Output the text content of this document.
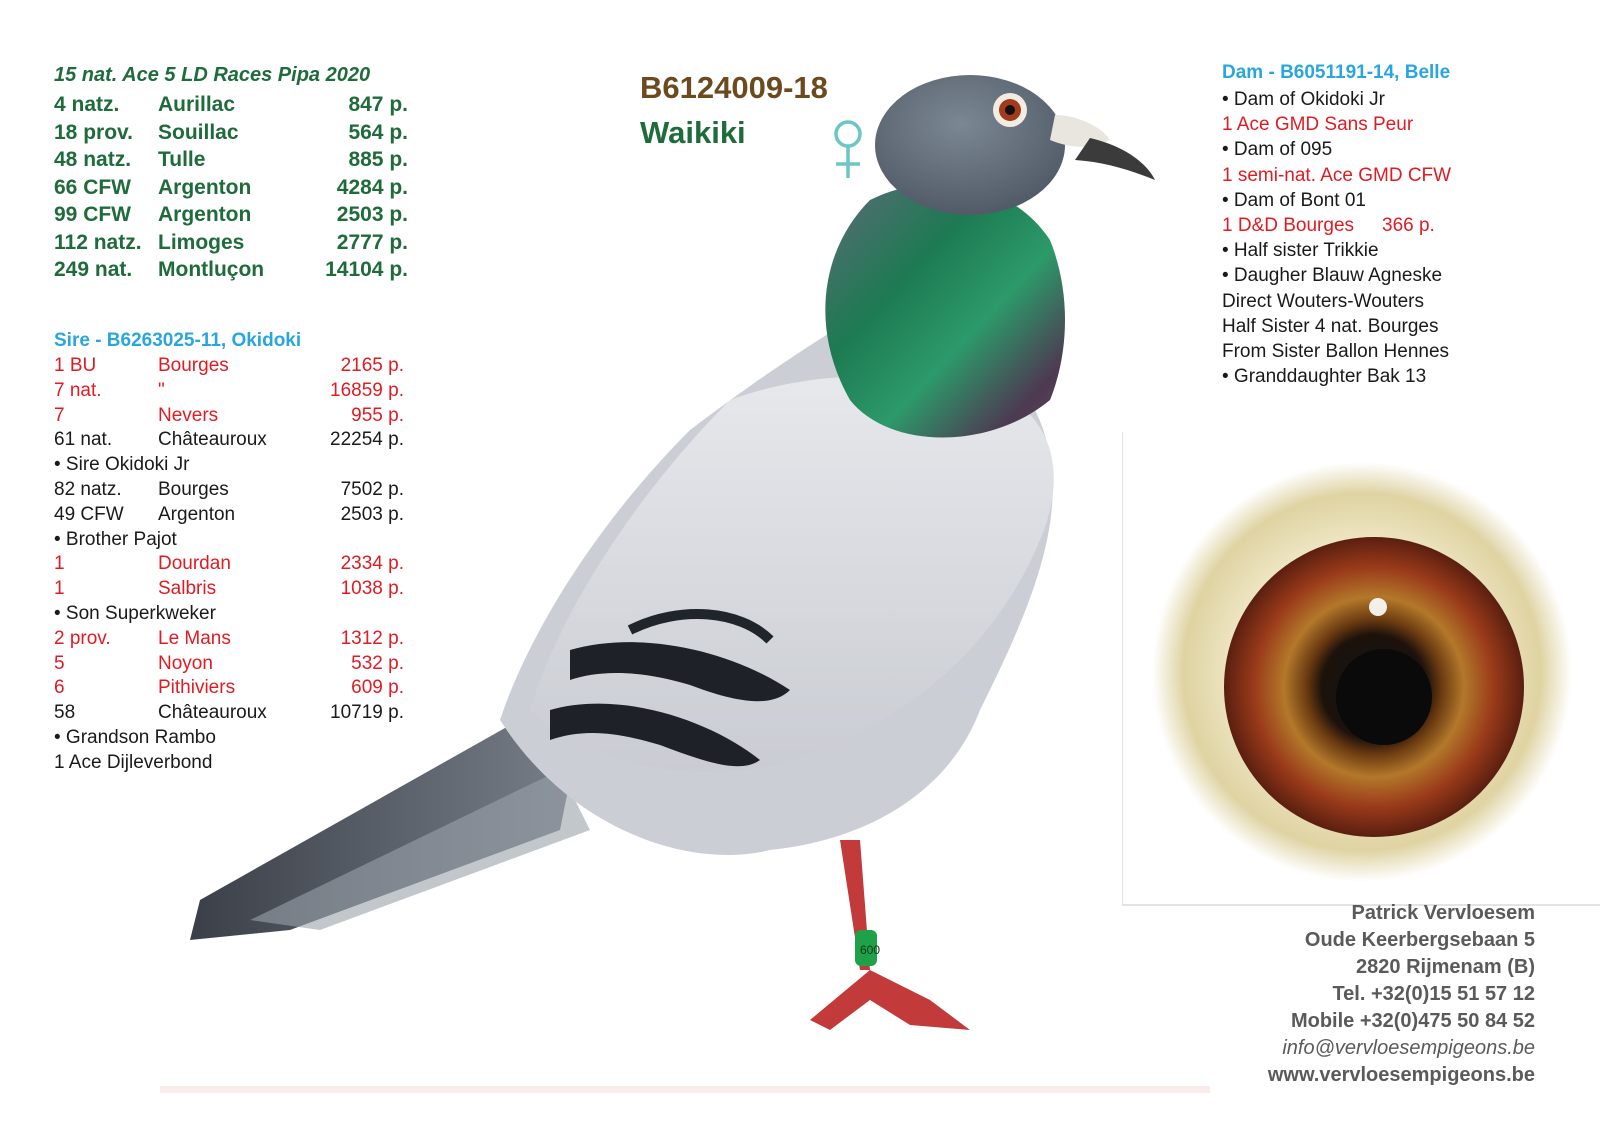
600
B6124009-18
Waikiki
15 nat. Ace 5 LD Races Pipa 2020
4 natz.	Aurillac	847 p.
18 prov.	Souillac	564 p.
48 natz.	Tulle	885 p.
66 CFW	Argenton	4284 p.
99 CFW	Argenton	2503 p.
112 natz. Limoges	2777 p.
249 nat.	Montluçon	14104 p.
Sire - B6263025-11, Okidoki
1 BU	Bourges	2165 p.
7 nat.	"	16859 p.
7	Nevers	955 p.
61 nat.	Châteauroux	22254 p.
• Sire Okidoki Jr
82 natz.	Bourges	7502 p.
49 CFW	Argenton	2503 p.
• Brother Pajot
1	Dourdan	2334 p.
1	Salbris	1038 p.
• Son Superkweker
2 prov.	Le Mans	1312 p.
5	Noyon	532 p.
6	Pithiviers	609 p.
58	Châteauroux	10719 p.
• Grandson Rambo
1 Ace Dijleverbond
Dam - B6051191-14, Belle
• Dam of Okidoki Jr
1 Ace GMD Sans Peur
• Dam of 095
1 semi-nat. Ace GMD CFW
• Dam of Bont 01
1 D&D Bourges 366 p.
• Half sister Trikkie
• Daugher Blauw Agneske
Direct Wouters-Wouters
Half Sister 4 nat. Bourges
From Sister Ballon Hennes
• Granddaughter Bak 13
Patrick Vervloesem
Oude Keerbergsebaan 5
2820 Rijmenam (B)
Tel. +32(0)15 51 57 12
Mobile +32(0)475 50 84 52
info@vervloesempigeons.be
www.vervloesempigeons.be
